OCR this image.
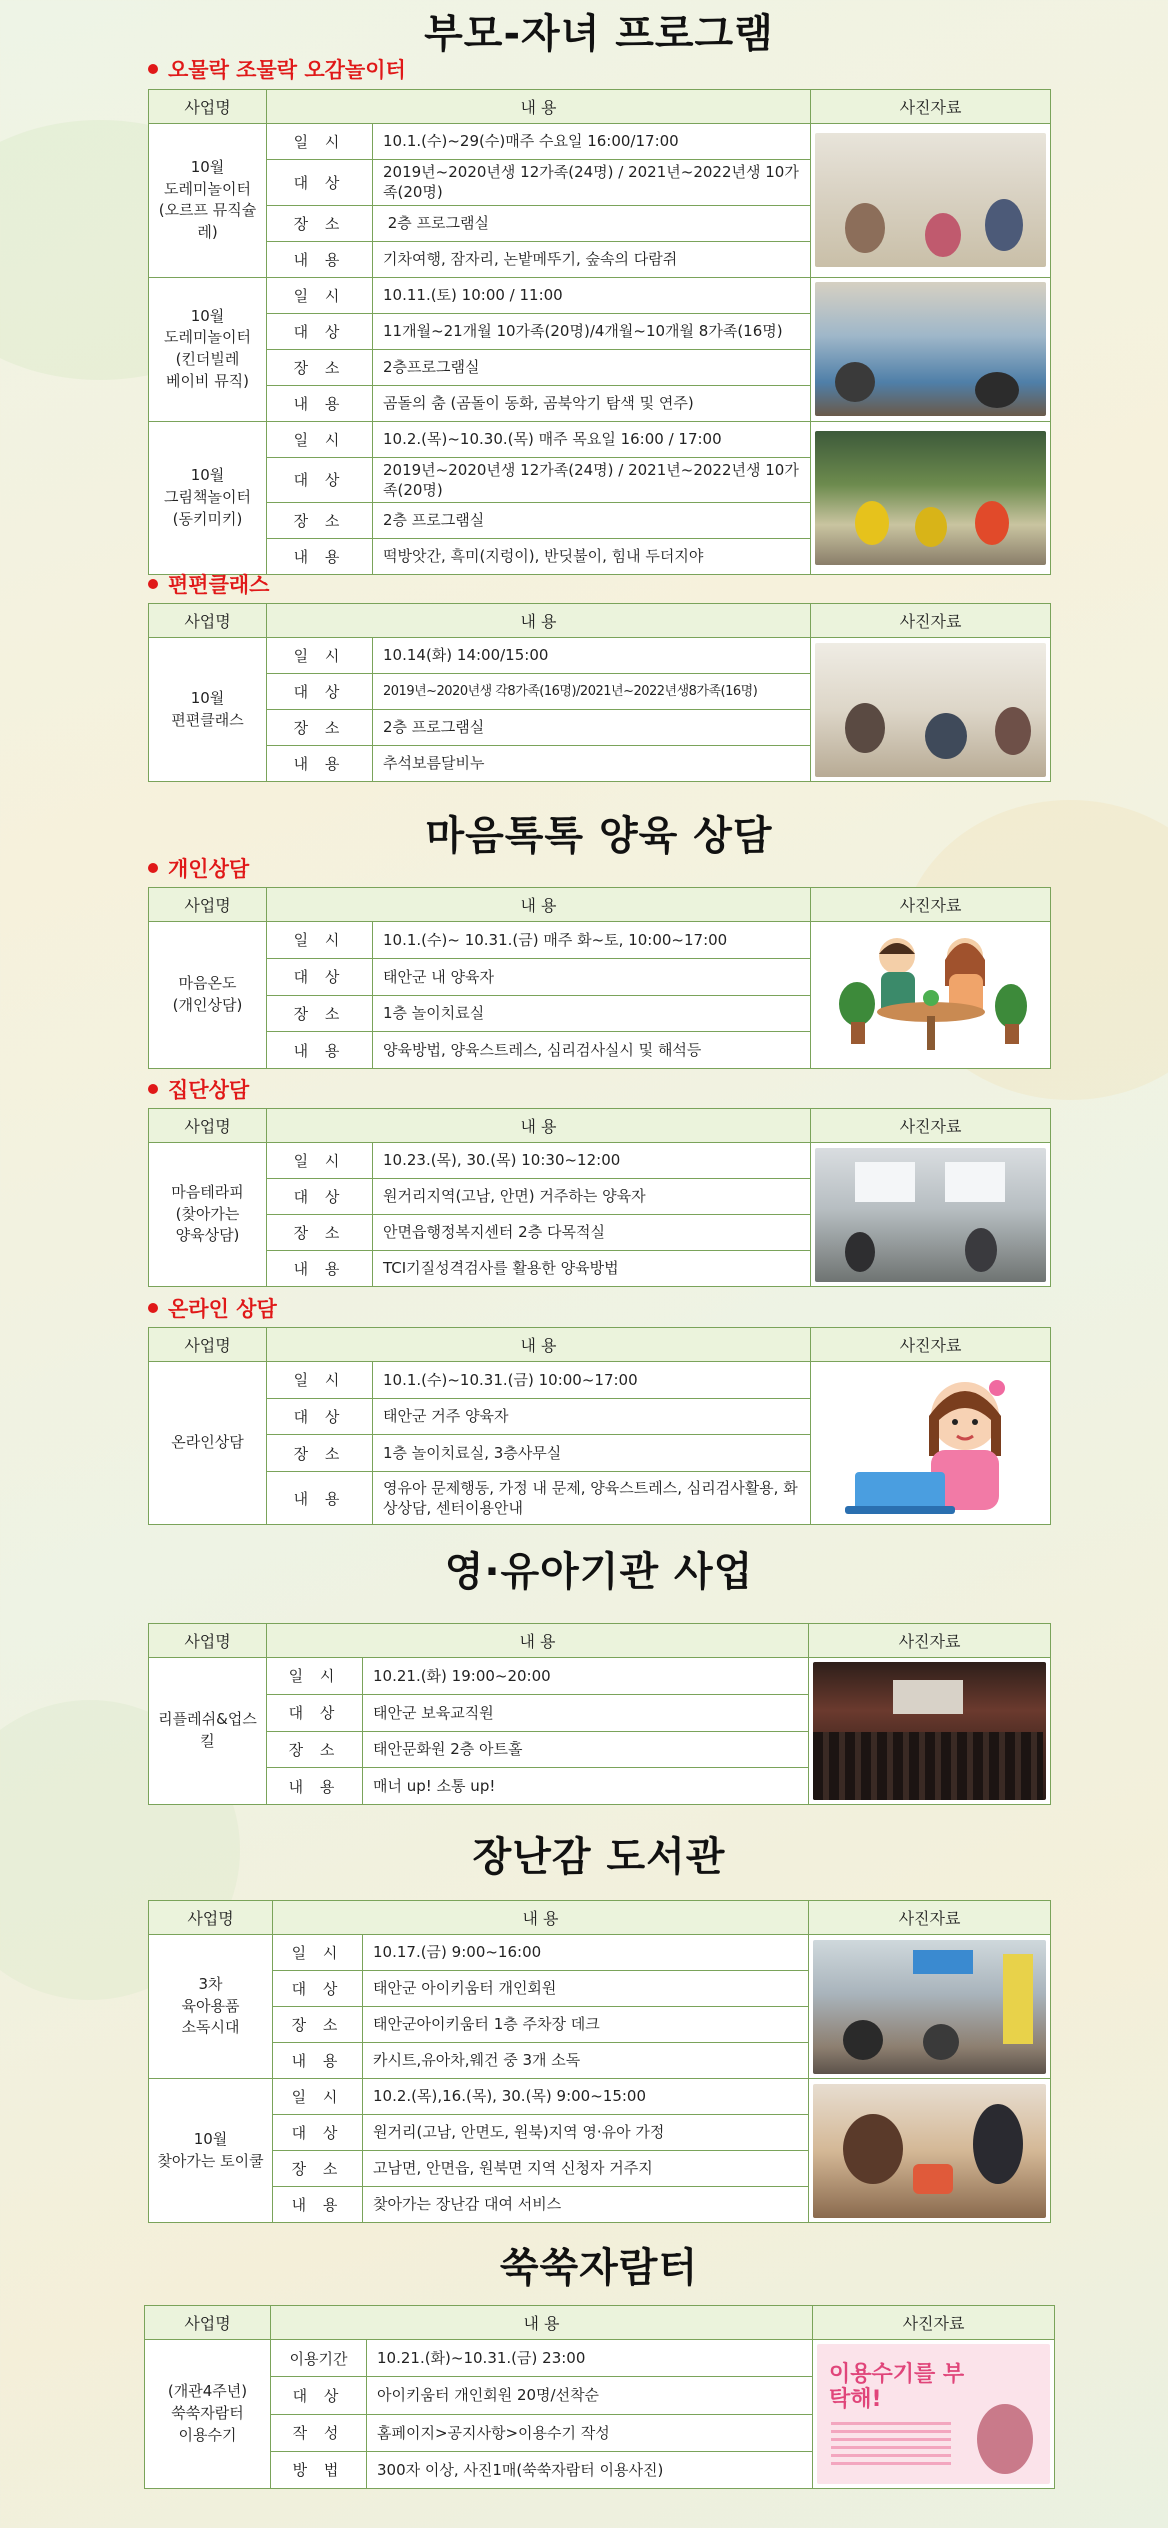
부모-자녀 프로그램
오물락 조물락 오감놀이터
사업명	내 용		사진자료
10월
도레미놀이터
(오르프 뮤직슐레)	일 시	10.1.(수)~29(수)매주 수요일 16:00/17:00	

	대 상	2019년~2020년생 12가족(24명) / 2021년~2022년생 10가족(20명)	
	장 소	2층 프로그램실	
	내 용	기차여행, 잠자리, 논밭메뚜기, 숲속의 다람쥐	
10월
도레미놀이터
(킨더빌레
베이비 뮤직)	일 시	10.11.(토) 10:00 / 11:00	

	대 상	11개월~21개월 10가족(20명)/4개월~10개월 8가족(16명)	
	장 소	2층프로그램실	
	내 용	곰돌의 춤 (곰돌이 동화, 곰북악기 탐색 및 연주)	
10월
그림책놀이터
(동키미키)	일 시	10.2.(목)~10.30.(목) 매주 목요일 16:00 / 17:00	

	대 상	2019년~2020년생 12가족(24명) / 2021년~2022년생 10가족(20명)	
	장 소	2층 프로그램실	
	내 용	떡방앗간, 흑미(지렁이), 반딧불이, 힘내 두더지야	
편편클래스
사업명	내 용		사진자료
10월
편편클래스	일 시	10.14(화) 14:00/15:00	

	대 상	2019년~2020년생 각8가족(16명)/2021년~2022년생8가족(16명)	
	장 소	2층 프로그램실	
	내 용	추석보름달비누	
마음톡톡 양육 상담
개인상담
사업명	내 용		사진자료
마음온도
(개인상담)	일 시	10.1.(수)~ 10.31.(금) 매주 화~토, 10:00~17:00	
	대 상	태안군 내 양육자	
	장 소	1층 놀이치료실	
	내 용	양육방법, 양육스트레스, 심리검사실시 및 해석등	
집단상담
사업명	내 용		사진자료
마음테라피
(찾아가는
양육상담)	일 시	10.23.(목), 30.(목) 10:30~12:00	

	대 상	원거리지역(고남, 안면) 거주하는 양육자	
	장 소	안면읍행정복지센터 2층 다목적실	
	내 용	TCI기질성격검사를 활용한 양육방법	
온라인 상담
사업명	내 용		사진자료
온라인상담	일 시	10.1.(수)~10.31.(금) 10:00~17:00	
	대 상	태안군 거주 양육자	
	장 소	1층 놀이치료실, 3층사무실	
	내 용	영유아 문제행동, 가정 내 문제, 양육스트레스, 심리검사활용, 화상상담, 센터이용안내	
영·유아기관 사업
사업명	내 용		사진자료
리플레쉬&업스킬	일 시	10.21.(화) 19:00~20:00	

	대 상	태안군 보육교직원	
	장 소	태안문화원 2층 아트홀	
	내 용	매너 up! 소통 up!	
장난감 도서관
사업명	내 용		사진자료
3차
육아용품
소독시대	일 시	10.17.(금) 9:00~16:00	

	대 상	태안군 아이키움터 개인회원	
	장 소	태안군아이키움터 1층 주차장 데크	
	내 용	카시트,유아차,웨건 중 3개 소독	
10월
찾아가는 토이쿨	일 시	10.2.(목),16.(목), 30.(목) 9:00~15:00	

	대 상	원거리(고남, 안면도, 원북)지역 영·유아 가정	
	장 소	고남면, 안면읍, 원북면 지역 신청자 거주지	
	내 용	찾아가는 장난감 대여 서비스	
쑥쑥자람터
사업명	내 용		사진자료
(개관4주년)
쑥쑥자람터
이용수기	이용기간	10.21.(화)~10.31.(금) 23:00	이용수기를 부탁해!

	대 상	아이키움터 개인회원 20명/선착순	
	작 성	홈페이지>공지사항>이용수기 작성	
	방 법	300자 이상, 사진1매(쑥쑥자람터 이용사진)	
